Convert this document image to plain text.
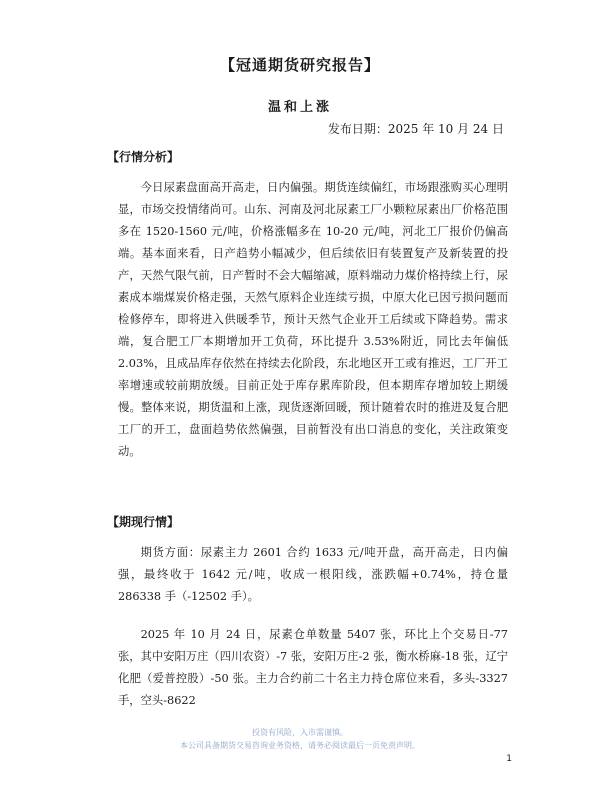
【冠通期货研究报告】
温和上涨
发布日期：2025 年 10 月 24 日
【行情分析】

今日尿素盘面高开高走，日内偏强。期货连续偏红，市场跟涨购买心理明显，市场交投情绪尚可。山东、河南及河北尿素工厂小颗粒尿素出厂价格范围多在 1520-1560 元/吨，价格涨幅多在 10-20 元/吨，河北工厂报价仍偏高端。基本面来看，日产趋势小幅减少，但后续依旧有装置复产及新装置的投产，天然气限气前，日产暂时不会大幅缩减，原料端动力煤价格持续上行，尿素成本端煤炭价格走强，天然气原料企业连续亏损，中原大化已因亏损问题而检修停车，即将进入供暖季节，预计天然气企业开工后续或下降趋势。需求端，复合肥工厂本期增加开工负荷，环比提升 3.53%附近，同比去年偏低 2.03%，且成品库存依然在持续去化阶段，东北地区开工或有推迟，工厂开工率增速或较前期放缓。目前正处于库存累库阶段，但本期库存增加较上期缓慢。整体来说，期货温和上涨，现货逐渐回暖，预计随着农时的推进及复合肥工厂的开工，盘面趋势依然偏强，目前暂没有出口消息的变化，关注政策变动。

【期现行情】

期货方面：尿素主力 2601 合约 1633 元/吨开盘，高开高走，日内偏强，最终收于 1642 元/吨，收成一根阳线，涨跌幅+0.74%，持仓量 286338 手（-12502 手）。

2025 年 10 月 24 日，尿素仓单数量 5407 张，环比上个交易日-77 张，其中安阳万庄（四川农资）-7 张，安阳万庄-2 张，衡水桥麻-18 张，辽宁化肥（爱普控股）-50 张。主力合约前二十名主力持仓席位来看，多头-3327 手，空头-8622

投资有风险，入市需谨慎。
本公司具备期货交易咨询业务资格，请务必阅读最后一页免责声明。
1
